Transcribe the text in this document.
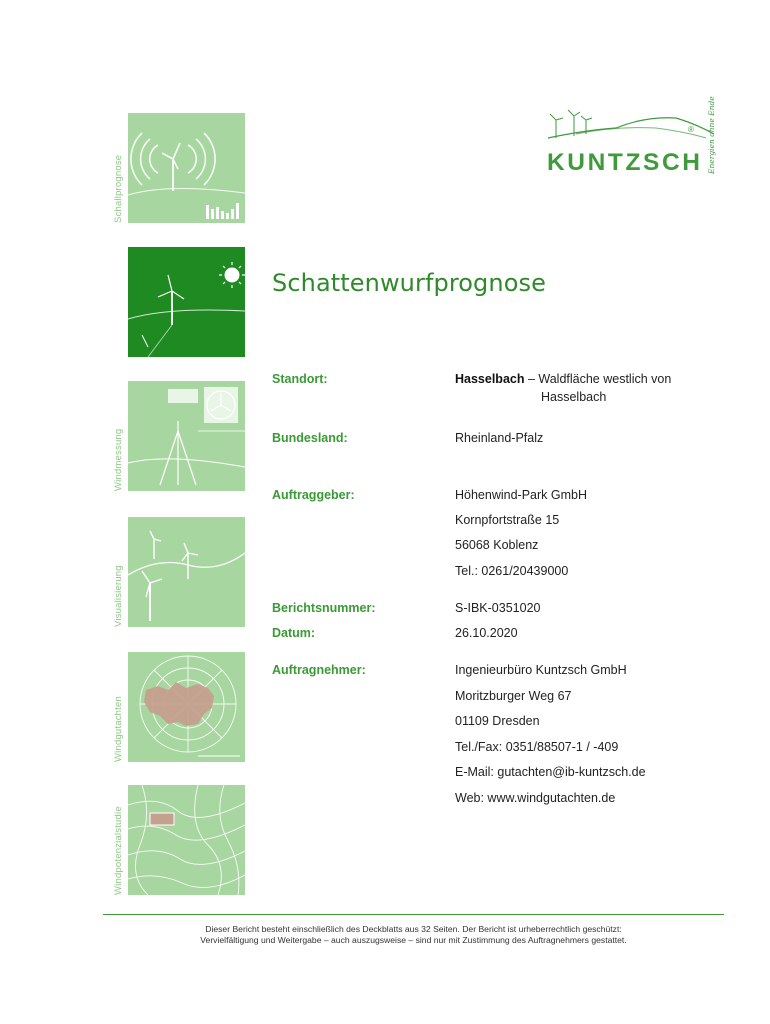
Schallprognose
Windmessung
Visualisierung
Windgutachten
Windpotenzialstudie
KUNTZSCH
® Energien ohne Ende
Schattenwurfprognose
Standort:	Hasselbach – Waldfläche westlich von
Hasselbach
Bundesland:	Rheinland-Pfalz
Auftraggeber:	Höhenwind-Park GmbH
Kornpfortstraße 15
56068 Koblenz
Tel.: 0261/20439000
Berichtsnummer:	S-IBK-0351020
Datum:	26.10.2020
Auftragnehmer:	Ingenieurbüro Kuntzsch GmbH
Moritzburger Weg 67
01109 Dresden
Tel./Fax: 0351/88507-1 / -409
E-Mail: gutachten@ib-kuntzsch.de
Web: www.windgutachten.de
Dieser Bericht besteht einschließlich des Deckblatts aus 32 Seiten. Der Bericht ist urheberrechtlich geschützt:
Vervielfältigung und Weitergabe – auch auszugsweise – sind nur mit Zustimmung des Auftragnehmers gestattet.
